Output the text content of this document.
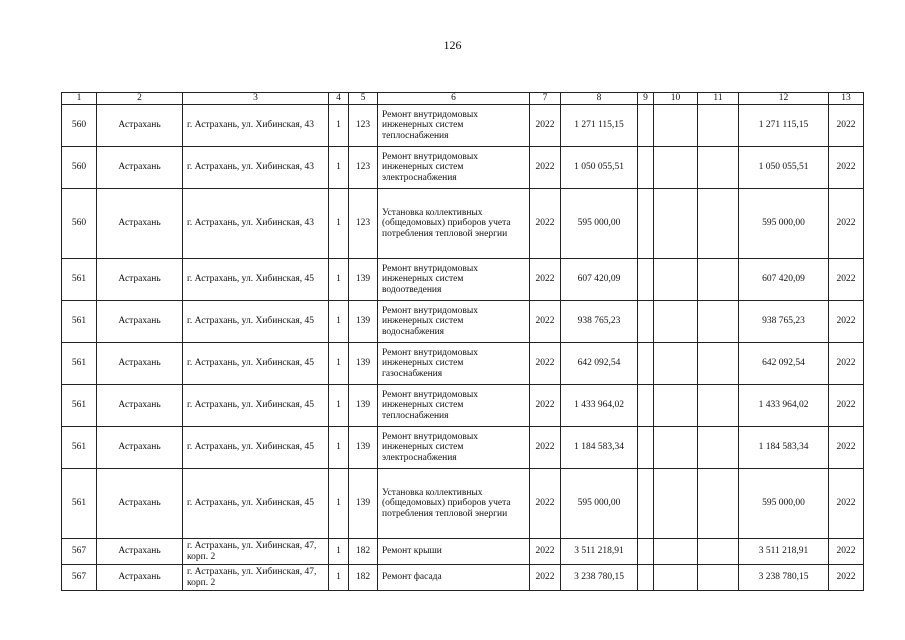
126
1	2	3	4	5	6	7	8	9	10	11	12	13
560	Астрахань	г. Астрахань, ул. Хибинская, 43	1	123	Ремонт внутридомовых инженерных систем теплоснабжения	2022	1 271 115,15				1 271 115,15	2022
560	Астрахань	г. Астрахань, ул. Хибинская, 43	1	123	Ремонт внутридомовых инженерных систем электроснабжения	2022	1 050 055,51				1 050 055,51	2022
560	Астрахань	г. Астрахань, ул. Хибинская, 43	1	123	Установка коллективных (общедомовых) приборов учета потребления тепловой энергии	2022	595 000,00				595 000,00	2022
561	Астрахань	г. Астрахань, ул. Хибинская, 45	1	139	Ремонт внутридомовых инженерных систем водоотведения	2022	607 420,09				607 420,09	2022
561	Астрахань	г. Астрахань, ул. Хибинская, 45	1	139	Ремонт внутридомовых инженерных систем водоснабжения	2022	938 765,23				938 765,23	2022
561	Астрахань	г. Астрахань, ул. Хибинская, 45	1	139	Ремонт внутридомовых инженерных систем газоснабжения	2022	642 092,54				642 092,54	2022
561	Астрахань	г. Астрахань, ул. Хибинская, 45	1	139	Ремонт внутридомовых инженерных систем теплоснабжения	2022	1 433 964,02				1 433 964,02	2022
561	Астрахань	г. Астрахань, ул. Хибинская, 45	1	139	Ремонт внутридомовых инженерных систем электроснабжения	2022	1 184 583,34				1 184 583,34	2022
561	Астрахань	г. Астрахань, ул. Хибинская, 45	1	139	Установка коллективных (общедомовых) приборов учета потребления тепловой энергии	2022	595 000,00				595 000,00	2022
567	Астрахань	г. Астрахань, ул. Хибинская, 47, корп. 2	1	182	Ремонт крыши	2022	3 511 218,91				3 511 218,91	2022
567	Астрахань	г. Астрахань, ул. Хибинская, 47, корп. 2	1	182	Ремонт фасада	2022	3 238 780,15				3 238 780,15	2022
